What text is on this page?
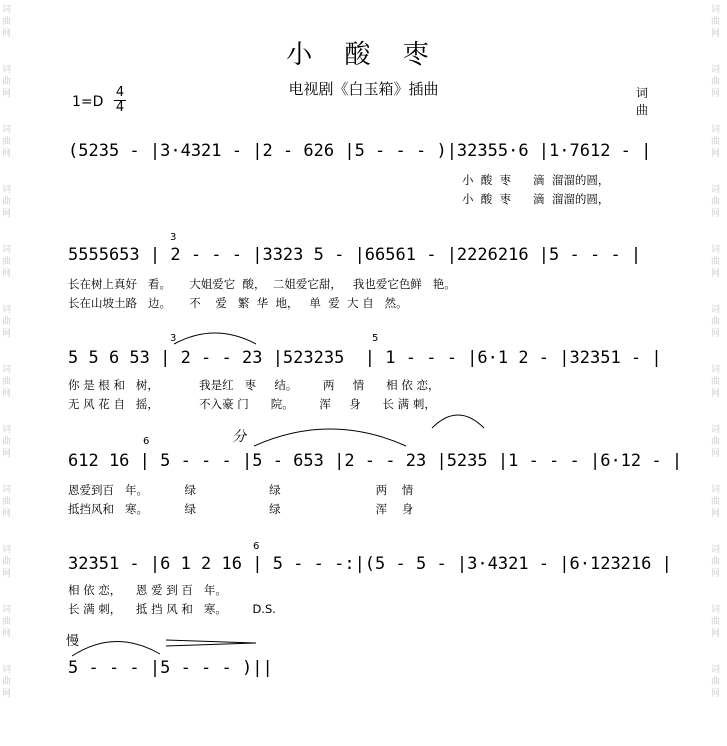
词
曲
网
词
曲
网
词
曲
网
词
曲
网
词
曲
网
词
曲
网
词
曲
网
词
曲
网
词
曲
网
词
曲
网
词
曲
网
词
曲
网
词
曲
网
词
曲
网
词
曲
网
词
曲
网
词
曲
网
词
曲
网
词
曲
网
词
曲
网
词
曲
网
词
曲
网
词
曲
网
词
曲
网
小 酸 枣
电视剧《白玉箱》插曲
1=D
4
4
词
曲
(5235 - |3·4321 - |2 - 626 |5 - - - )|32355·6 |1·7612 - |
小  酸  枣      滴  溜溜的圆，
小  酸  枣      滴  溜溜的圆，
3
5555653 | 2 - - - |3323 5 - |66561 - |2226216 |5 - - - |
长在树上真好   看。     大姐爱它  酸，  二姐爱它甜，   我也爱它色鲜   艳。
长在山坡土路   边。     不    爱   繁  华  地，   单  爱  大 自   然。
3	5
5 5 6 53 | 2 - - 23 |523235  | 1 - - - |6·1 2 - |32351 - |
你 是 根 和   树，           我是红   枣     结。       两     情      相 依 恋，
无 风 花 自   摇，           不入豪 门      院。       浑     身      长 满 刺，
6	分
612 16 | 5 - - - |5 - 653 |2 - - 23 |5235 |1 - - - |6·12 - |
恩爱到百   年。          绿                    绿                          两    情
抵挡风和   寒。          绿                    绿                          浑    身
6
32351 - |6 1 2 16 | 5 - - -:|(5 - 5 - |3·4321 - |6·123216 |
相 依 恋，    恩 爱 到 百   年。
长 满 刺，    抵 挡 风 和   寒。       D.S.
慢
5 - - - |5 - - - )||
